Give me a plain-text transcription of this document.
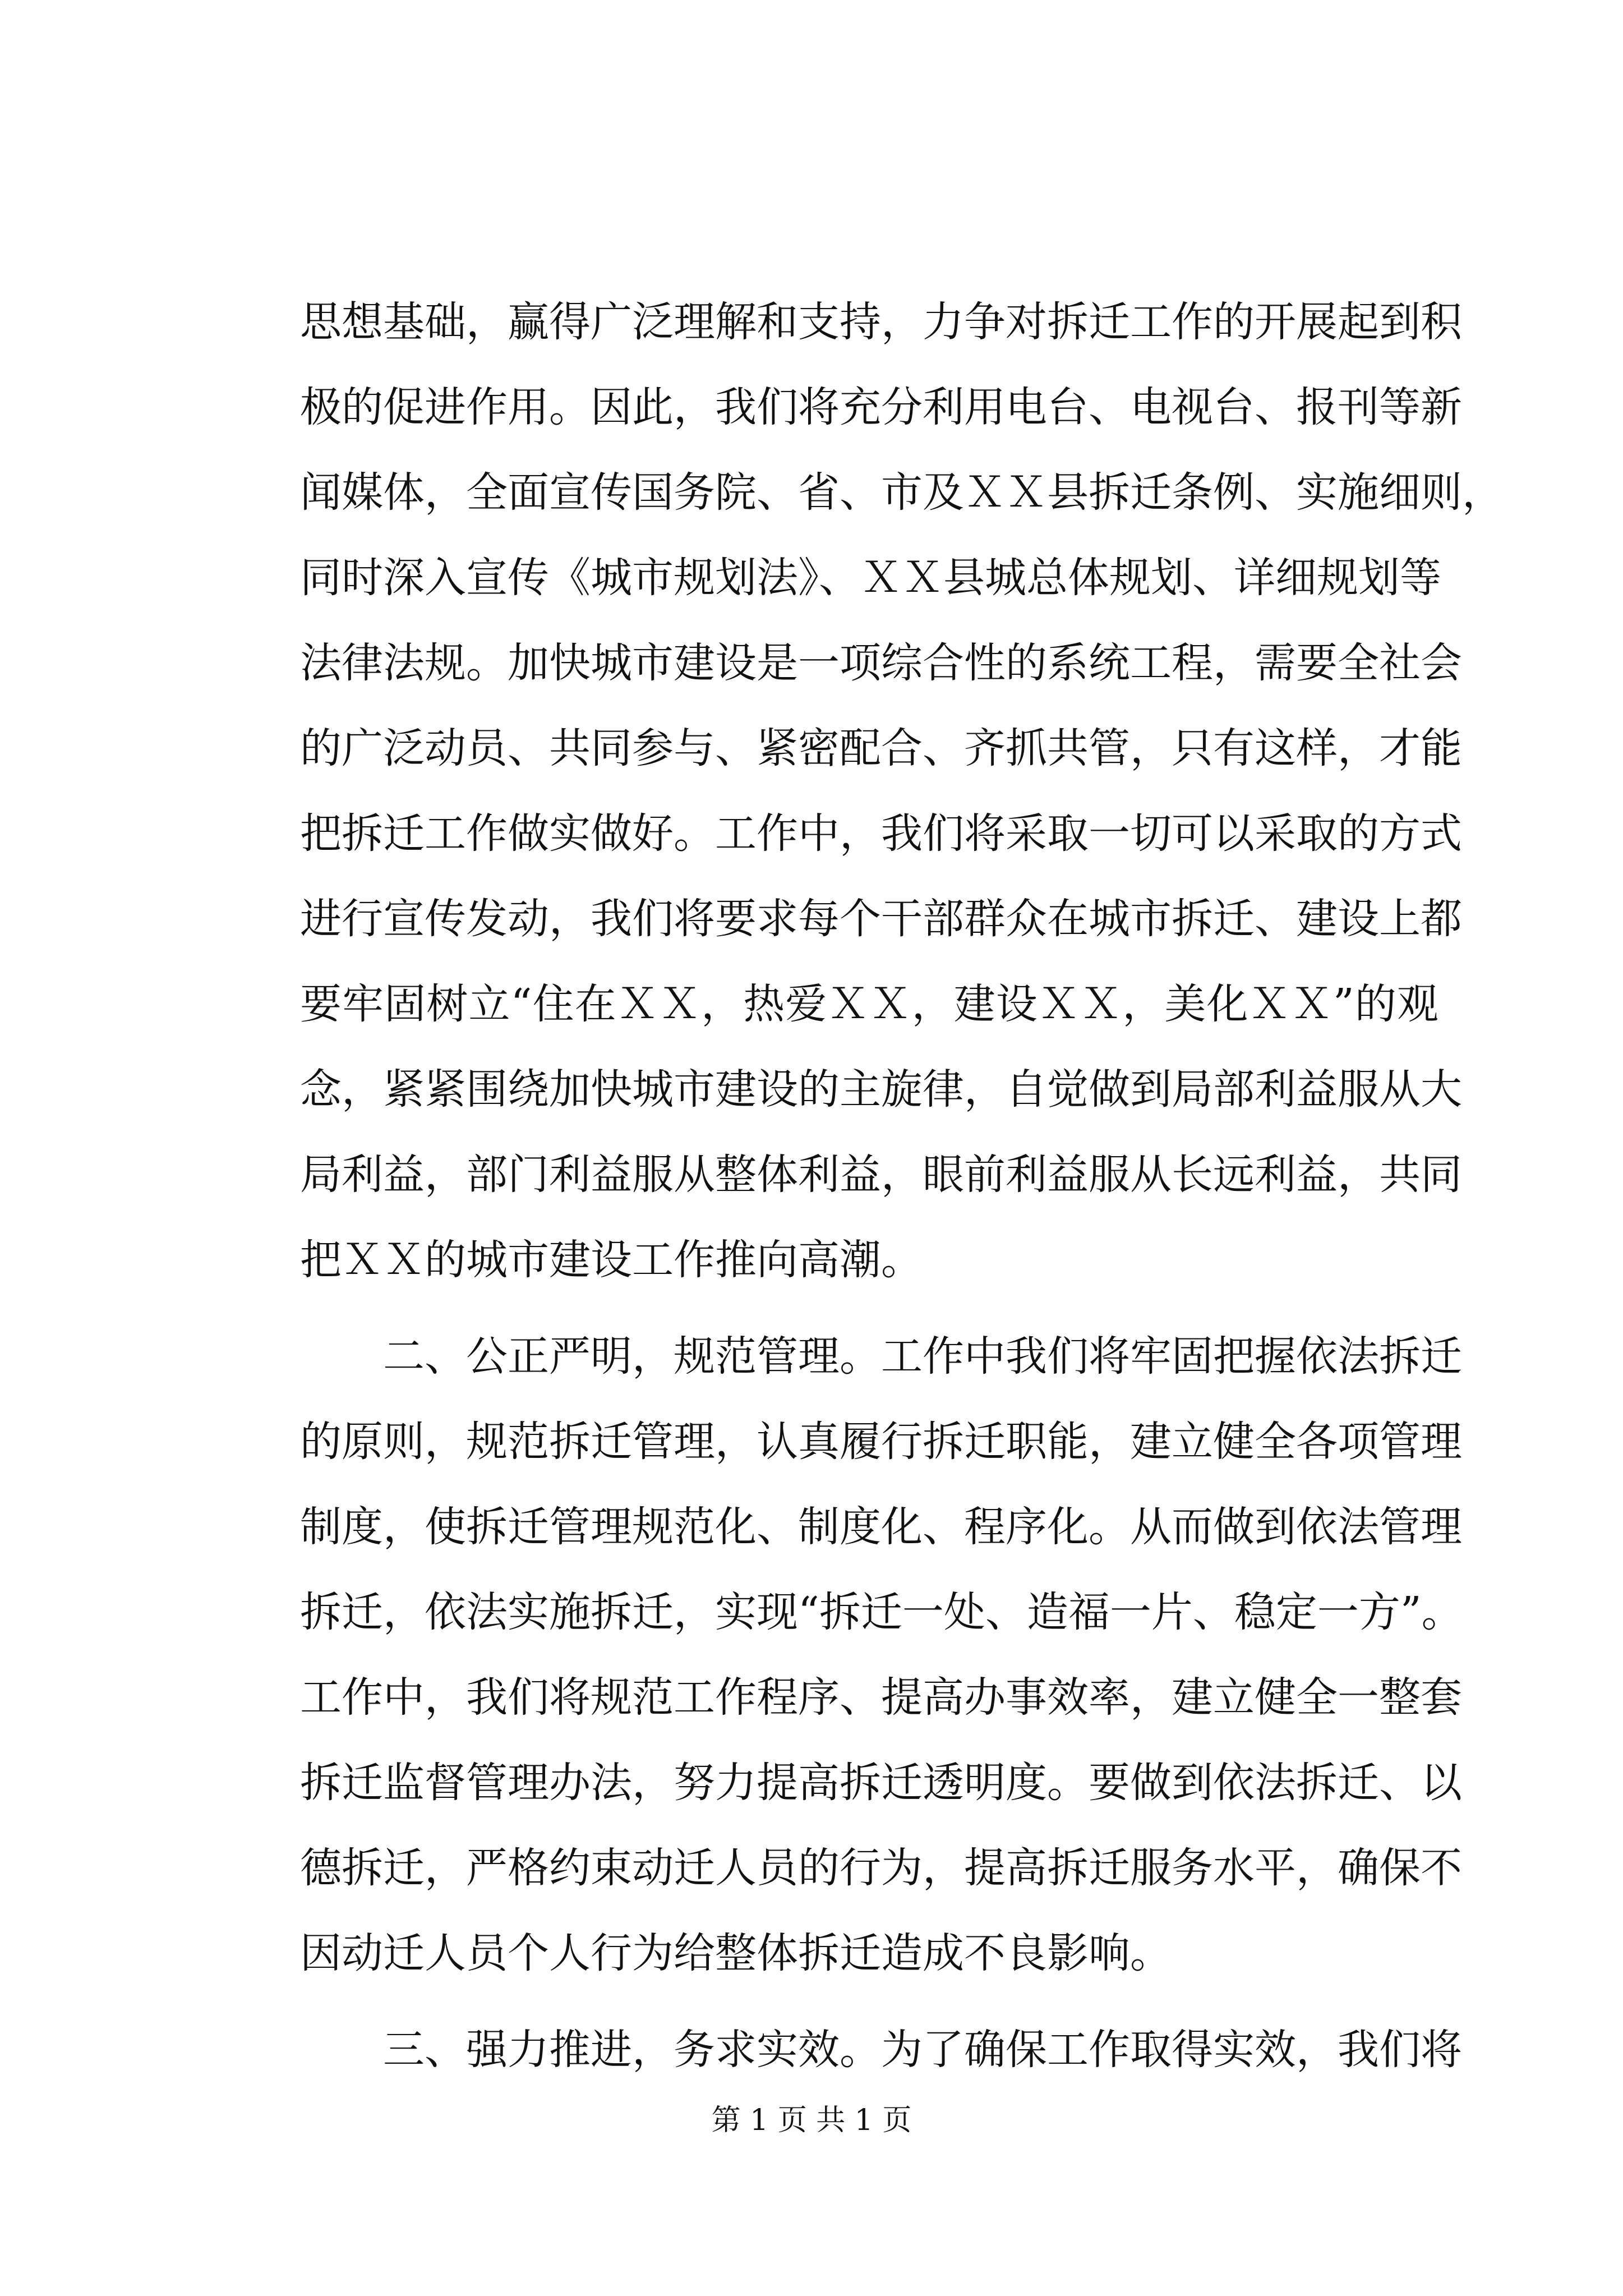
思想基础，赢得广泛理解和支持，力争对拆迁工作的开展起到积
极的促进作用。因此，我们将充分利用电台、电视台、报刊等新
闻媒体，全面宣传国务院、省、市及ＸＸ县拆迁条例、实施细则，
同时深入宣传《城市规划法》、ＸＸ县城总体规划、详细规划等
法律法规。加快城市建设是一项综合性的系统工程，需要全社会
的广泛动员、共同参与、紧密配合、齐抓共管，只有这样，才能
把拆迁工作做实做好。工作中，我们将采取一切可以采取的方式
进行宣传发动，我们将要求每个干部群众在城市拆迁、建设上都
要牢固树立“住在ＸＸ，热爱ＸＸ，建设ＸＸ，美化ＸＸ”的观
念，紧紧围绕加快城市建设的主旋律，自觉做到局部利益服从大
局利益，部门利益服从整体利益，眼前利益服从长远利益，共同
把ＸＸ的城市建设工作推向高潮。
　　二、公正严明，规范管理。工作中我们将牢固把握依法拆迁
的原则，规范拆迁管理，认真履行拆迁职能，建立健全各项管理
制度，使拆迁管理规范化、制度化、程序化。从而做到依法管理
拆迁，依法实施拆迁，实现“拆迁一处、造福一片、稳定一方”。
工作中，我们将规范工作程序、提高办事效率，建立健全一整套
拆迁监督管理办法，努力提高拆迁透明度。要做到依法拆迁、以
德拆迁，严格约束动迁人员的行为，提高拆迁服务水平，确保不
因动迁人员个人行为给整体拆迁造成不良影响。
　　三、强力推进，务求实效。为了确保工作取得实效，我们将
第 1 页 共 1 页
